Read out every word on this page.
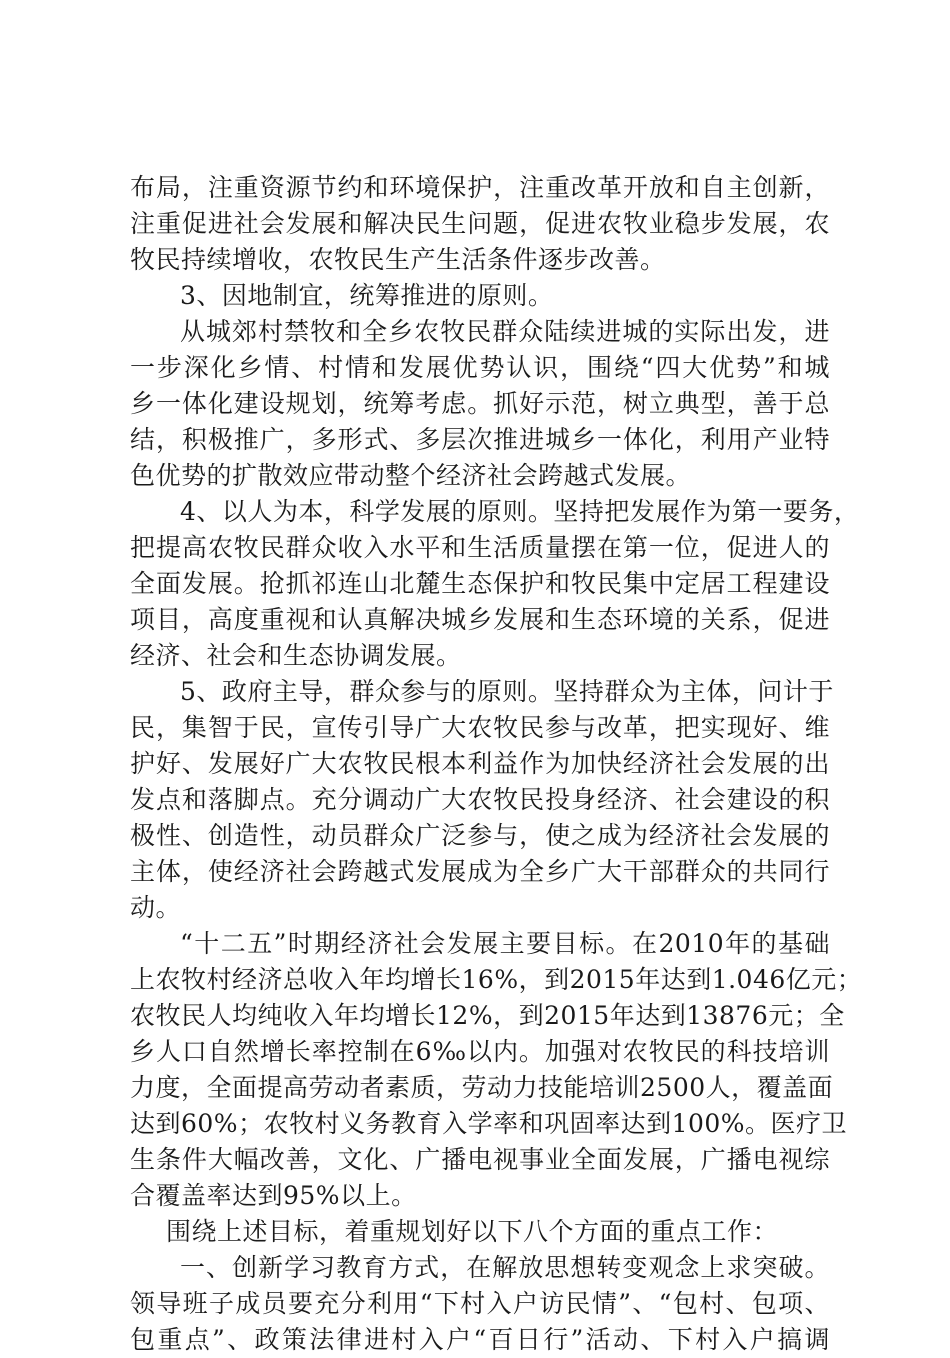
布局，注重资源节约和环境保护，注重改革开放和自主创新，
注重促进社会发展和解决民生问题，促进农牧业稳步发展，农
牧民持续增收，农牧民生产生活条件逐步改善。
3、因地制宜，统筹推进的原则。
从城郊村禁牧和全乡农牧民群众陆续进城的实际出发，进
一步深化乡情、村情和发展优势认识，围绕“四大优势”和城
乡一体化建设规划，统筹考虑。抓好示范，树立典型，善于总
结，积极推广，多形式、多层次推进城乡一体化，利用产业特
色优势的扩散效应带动整个经济社会跨越式发展。
4、以人为本，科学发展的原则。坚持把发展作为第一要务，
把提高农牧民群众收入水平和生活质量摆在第一位，促进人的
全面发展。抢抓祁连山北麓生态保护和牧民集中定居工程建设
项目，高度重视和认真解决城乡发展和生态环境的关系，促进
经济、社会和生态协调发展。
5、政府主导，群众参与的原则。坚持群众为主体，问计于
民，集智于民，宣传引导广大农牧民参与改革，把实现好、维
护好、发展好广大农牧民根本利益作为加快经济社会发展的出
发点和落脚点。充分调动广大农牧民投身经济、社会建设的积
极性、创造性，动员群众广泛参与，使之成为经济社会发展的
主体，使经济社会跨越式发展成为全乡广大干部群众的共同行
动。
“十二五”时期经济社会发展主要目标。在2010年的基础
上农牧村经济总收入年均增长16%，到2015年达到1.046亿元；
农牧民人均纯收入年均增长12%，到2015年达到13876元；全
乡人口自然增长率控制在6‰以内。加强对农牧民的科技培训
力度，全面提高劳动者素质，劳动力技能培训2500人，覆盖面
达到60%；农牧村义务教育入学率和巩固率达到100%。医疗卫
生条件大幅改善，文化、广播电视事业全面发展，广播电视综
合覆盖率达到95%以上。
围绕上述目标，着重规划好以下八个方面的重点工作：
一、创新学习教育方式，在解放思想转变观念上求突破。
领导班子成员要充分利用“下村入户访民情”、“包村、包项、
包重点”、政策法律进村入户“百日行”活动、下村入户搞调
